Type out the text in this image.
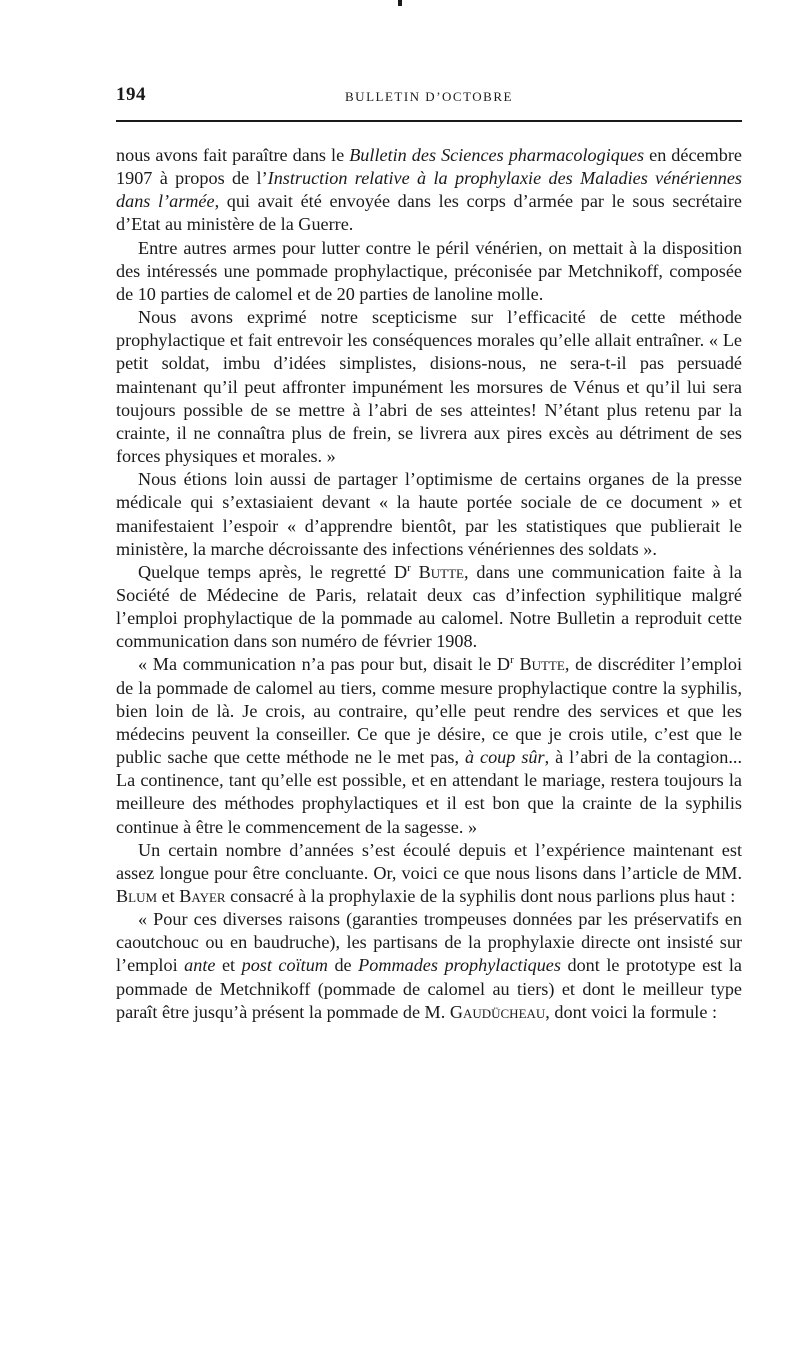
194	BULLETIN D’OCTOBRE

nous avons fait paraître dans le Bulletin des Sciences pharmacologiques en décembre 1907 à propos de l’Instruction relative à la prophylaxie des Maladies vénériennes dans l’armée, qui avait été envoyée dans les corps d’armée par le sous secrétaire d’Etat au ministère de la Guerre.

Entre autres armes pour lutter contre le péril vénérien, on mettait à la disposition des intéressés une pommade prophylactique, préconisée par Metchnikoff, composée de 10 parties de calomel et de 20 parties de lanoline molle.

Nous avons exprimé notre scepticisme sur l’efficacité de cette méthode prophylactique et fait entrevoir les conséquences morales qu’elle allait entraîner. « Le petit soldat, imbu d’idées simplistes, disions-nous, ne sera-t-il pas persuadé maintenant qu’il peut affronter impunément les morsures de Vénus et qu’il lui sera toujours possible de se mettre à l’abri de ses atteintes! N’étant plus retenu par la crainte, il ne connaîtra plus de frein, se livrera aux pires excès au détriment de ses forces physiques et morales. »

Nous étions loin aussi de partager l’optimisme de certains organes de la presse médicale qui s’extasiaient devant « la haute portée sociale de ce document » et manifestaient l’espoir « d’apprendre bientôt, par les statistiques que publierait le ministère, la marche décroissante des infections vénériennes des soldats ».

Quelque temps après, le regretté $D^r$ Butte, dans une communication faite à la Société de Médecine de Paris, relatait deux cas d’infection syphilitique malgré l’emploi prophylactique de la pommade au calomel. Notre Bulletin a reproduit cette communication dans son numéro de février 1908.

« Ma communication n’a pas pour but, disait le $D^r$ Butte, de discréditer l’emploi de la pommade de calomel au tiers, comme mesure prophylactique contre la syphilis, bien loin de là. Je crois, au contraire, qu’elle peut rendre des services et que les médecins peuvent la conseiller. Ce que je désire, ce que je crois utile, c’est que le public sache que cette méthode ne le met pas, à coup sûr, à l’abri de la contagion... La continence, tant qu’elle est possible, et en attendant le mariage, restera toujours la meilleure des méthodes prophylactiques et il est bon que la crainte de la syphilis continue à être le commencement de la sagesse. »

Un certain nombre d’années s’est écoulé depuis et l’expérience maintenant est assez longue pour être concluante. Or, voici ce que nous lisons dans l’article de MM. Blum et Bayer consacré à la prophylaxie de la syphilis dont nous parlions plus haut :

« Pour ces diverses raisons (garanties trompeuses données par les préservatifs en caoutchouc ou en baudruche), les partisans de la prophylaxie directe ont insisté sur l’emploi ante et post coïtum de Pommades prophylactiques dont le prototype est la pommade de Metchnikoff (pommade de calomel au tiers) et dont le meilleur type paraît être jusqu’à présent la pommade de M. Gaudücheau, dont voici la formule :
